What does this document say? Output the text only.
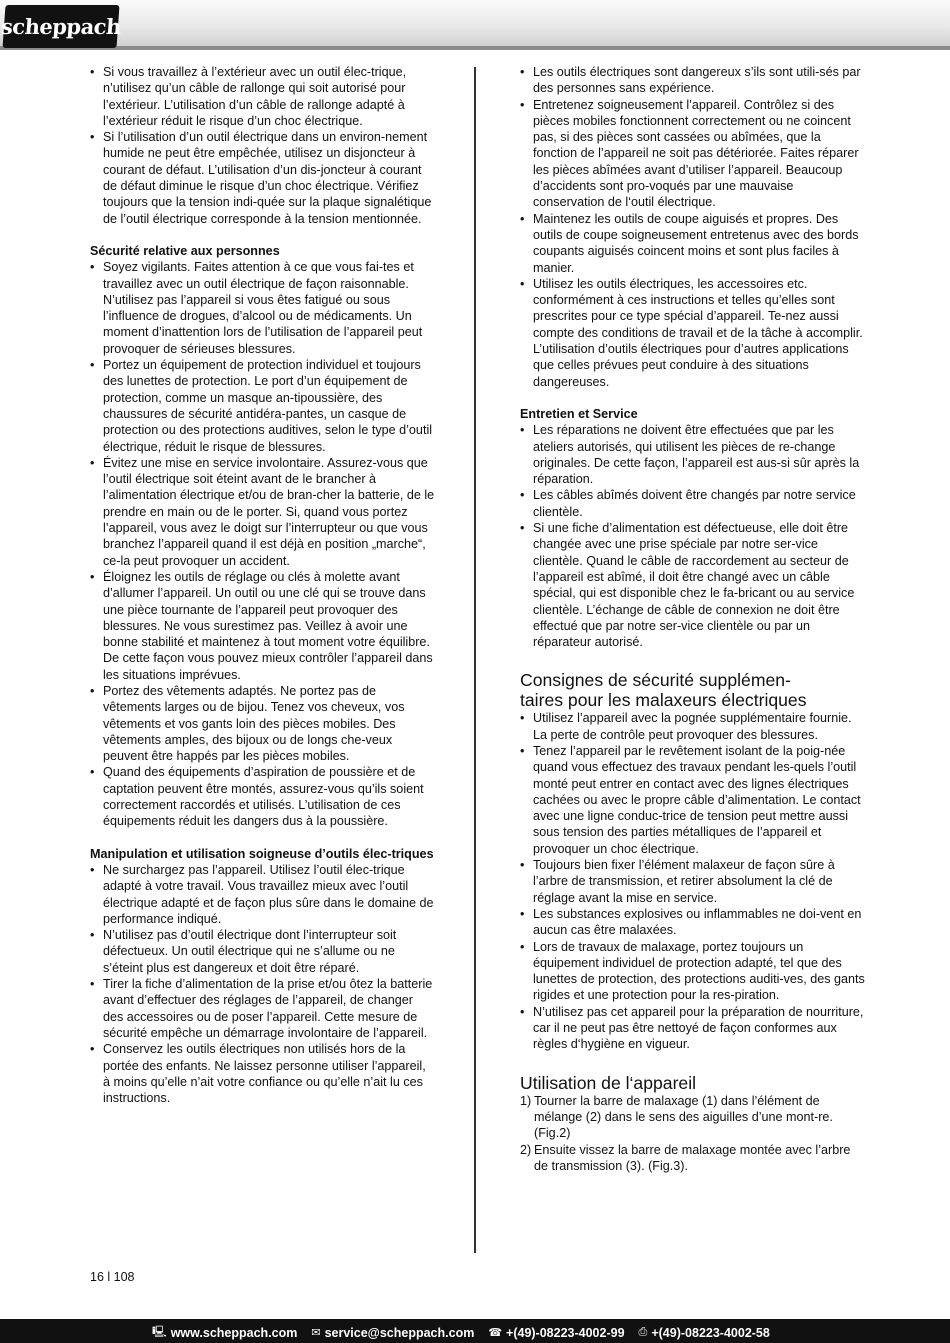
scheppach
• Si vous travaillez à l’extérieur avec un outil élec-trique, n’utilisez qu’un câble de rallonge qui soit autorisé pour l’extérieur. L’utilisation d’un câble de rallonge adapté à l’extérieur réduit le risque d’un choc électrique.
• Si l’utilisation d’un outil électrique dans un environ-nement humide ne peut être empêchée, utilisez un disjoncteur à courant de défaut. L’utilisation d’un dis-joncteur à courant de défaut diminue le risque d’un choc électrique. Vérifiez toujours que la tension indi-quée sur la plaque signalétique de l’outil électrique corresponde à la tension mentionnée.
Sécurité relative aux personnes
• Soyez vigilants. Faites attention à ce que vous fai-tes et travaillez avec un outil électrique de façon raisonnable. N’utilisez pas l’appareil si vous êtes fatigué ou sous l’influence de drogues, d’alcool ou de médicaments. Un moment d’inattention lors de l’utilisation de l’appareil peut provoquer de sérieuses blessures.
• Portez un équipement de protection individuel et toujours des lunettes de protection. Le port d’un équipement de protection, comme un masque an-tipoussière, des chaussures de sécurité antidéra-pantes, un casque de protection ou des protections auditives, selon le type d’outil électrique, réduit le risque de blessures.
• Évitez une mise en service involontaire. Assurez-vous que l’outil électrique soit éteint avant de le brancher à l’alimentation électrique et/ou de bran-cher la batterie, de le prendre en main ou de le porter. Si, quand vous portez l’appareil, vous avez le doigt sur l’interrupteur ou que vous branchez l’appareil quand il est déjà en position „marche“, ce-la peut provoquer un accident.
• Éloignez les outils de réglage ou clés à molette avant d’allumer l’appareil. Un outil ou une clé qui se trouve dans une pièce tournante de l’appareil peut provoquer des blessures. Ne vous surestimez pas. Veillez à avoir une bonne stabilité et maintenez à tout moment votre équilibre. De cette façon vous pouvez mieux contrôler l’appareil dans les situations imprévues.
• Portez des vêtements adaptés. Ne portez pas de vêtements larges ou de bijou. Tenez vos cheveux, vos vêtements et vos gants loin des pièces mobiles. Des vêtements amples, des bijoux ou de longs che-veux peuvent être happés par les pièces mobiles.
• Quand des équipements d’aspiration de poussière et de captation peuvent être montés, assurez-vous qu’ils soient correctement raccordés et utilisés. L’utilisation de ces équipements réduit les dangers dus à la poussière.
Manipulation et utilisation soigneuse d’outils élec-triques
• Ne surchargez pas l’appareil. Utilisez l’outil élec-trique adapté à votre travail. Vous travaillez mieux avec l’outil électrique adapté et de façon plus sûre dans le domaine de performance indiqué.
• N’utilisez pas d’outil électrique dont l’interrupteur soit défectueux. Un outil électrique qui ne s’allume ou ne s’éteint plus est dangereux et doit être réparé.
• Tirer la fiche d’alimentation de la prise et/ou ôtez la batterie avant d’effectuer des réglages de l’appareil, de changer des accessoires ou de poser l’appareil. Cette mesure de sécurité empêche un démarrage involontaire de l’appareil.
• Conservez les outils électriques non utilisés hors de la portée des enfants. Ne laissez personne utiliser l’appareil, à moins qu’elle n’ait votre confiance ou qu’elle n’ait lu ces instructions.
• Les outils électriques sont dangereux s’ils sont utili-sés par des personnes sans expérience.
• Entretenez soigneusement l’appareil. Contrôlez si des pièces mobiles fonctionnent correctement ou ne coincent pas, si des pièces sont cassées ou abîmées, que la fonction de l’appareil ne soit pas détériorée. Faites réparer les pièces abîmées avant d’utiliser l’appareil. Beaucoup d’accidents sont pro-voqués par une mauvaise conservation de l‘outil électrique.
• Maintenez les outils de coupe aiguisés et propres. Des outils de coupe soigneusement entretenus avec des bords coupants aiguisés coincent moins et sont plus faciles à manier.
• Utilisez les outils électriques, les accessoires etc. conformément à ces instructions et telles qu’elles sont prescrites pour ce type spécial d’appareil. Te-nez aussi compte des conditions de travail et de la tâche à accomplir. L’utilisation d’outils électriques pour d’autres applications que celles prévues peut conduire à des situations dangereuses.
Entretien et Service
• Les réparations ne doivent être effectuées que par les ateliers autorisés, qui utilisent les pièces de re-change originales. De cette façon, l’appareil est aus-si sûr après la réparation.
• Les câbles abîmés doivent être changés par notre service clientèle.
• Si une fiche d’alimentation est défectueuse, elle doit être changée avec une prise spéciale par notre ser-vice clientèle. Quand le câble de raccordement au secteur de l’appareil est abîmé, il doit être changé avec un câble spécial, qui est disponible chez le fa-bricant ou au service clientèle. L’échange de câble de connexion ne doit être effectué que par notre ser-vice clientèle ou par un réparateur autorisé.
Consignes de sécurité supplémen-
taires pour les malaxeurs électriques
• Utilisez l’appareil avec la pognée supplémentaire fournie. La perte de contrôle peut provoquer des blessures.
• Tenez l’appareil par le revêtement isolant de la poig-née quand vous effectuez des travaux pendant les-quels l’outil monté peut entrer en contact avec des lignes électriques cachées ou avec le propre câble d’alimentation. Le contact avec une ligne conduc-trice de tension peut mettre aussi sous tension des parties métalliques de l’appareil et provoquer un choc électrique.
• Toujours bien fixer l’élément malaxeur de façon sûre à l’arbre de transmission, et retirer absolument la clé de réglage avant la mise en service.
• Les substances explosives ou inflammables ne doi-vent en aucun cas être malaxées.
• Lors de travaux de malaxage, portez toujours un équipement individuel de protection adapté, tel que des lunettes de protection, des protections auditi-ves, des gants rigides et une protection pour la res-piration.
• N’utilisez pas cet appareil pour la préparation de nourriture, car il ne peut pas être nettoyé de façon conformes aux règles d‘hygiène en vigueur.
Utilisation de l‘appareil
1) Tourner la barre de malaxage (1) dans l’élément de mélange (2) dans le sens des aiguilles d’une mont-re. (Fig.2)
2) Ensuite vissez la barre de malaxage montée avec l’arbre de transmission (3). (Fig.3).
16 l 108
🖳 www.scheppach.com ✉ service@scheppach.com ☎ +(49)-08223-4002-99 ⎙ +(49)-08223-4002-58
